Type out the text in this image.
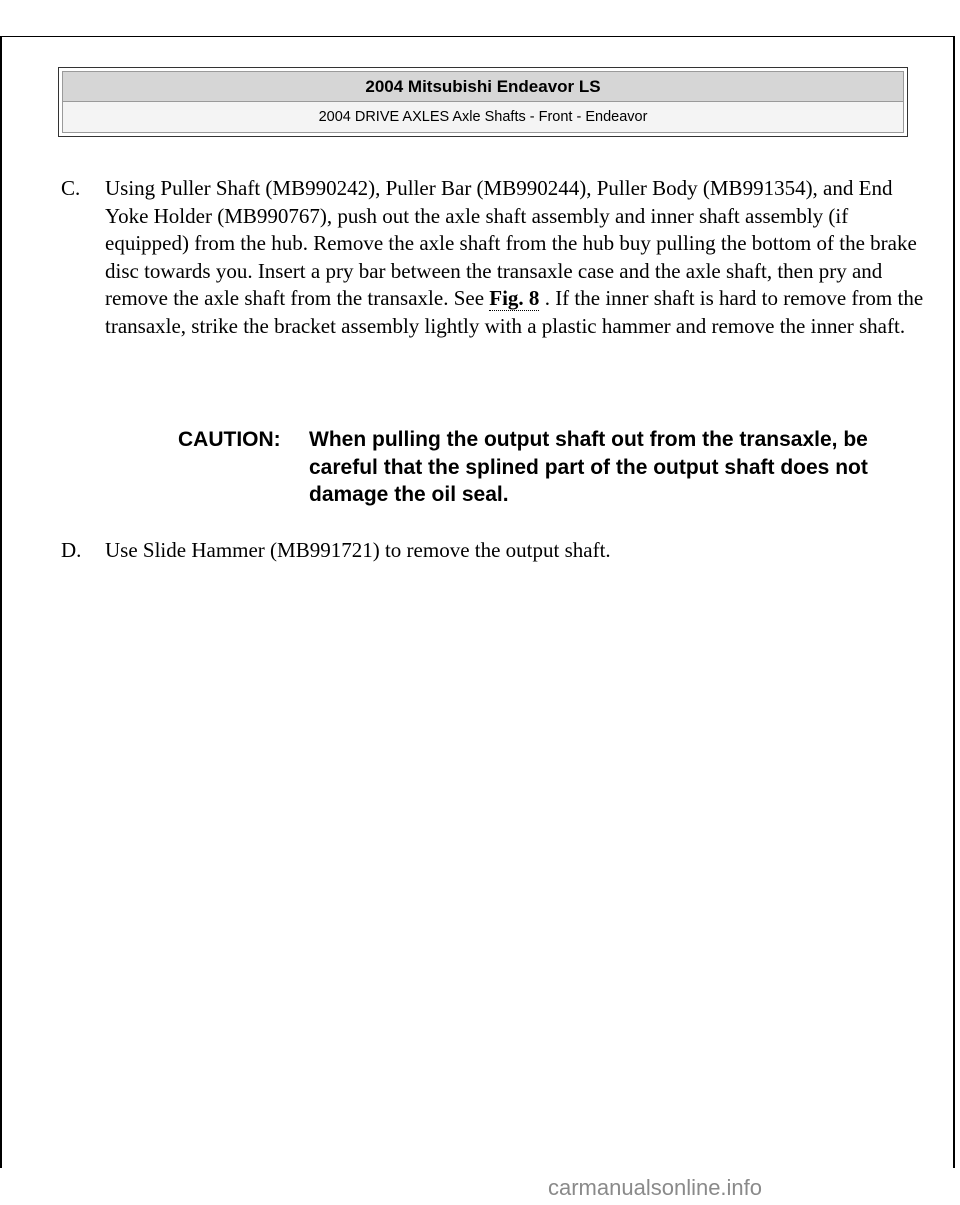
2004 Mitsubishi Endeavor LS
2004 DRIVE AXLES Axle Shafts - Front - Endeavor
C. Using Puller Shaft (MB990242), Puller Bar (MB990244), Puller Body (MB991354), and End Yoke Holder (MB990767), push out the axle shaft assembly and inner shaft assembly (if equipped) from the hub. Remove the axle shaft from the hub buy pulling the bottom of the brake disc towards you. Insert a pry bar between the transaxle case and the axle shaft, then pry and remove the axle shaft from the transaxle. See Fig. 8 . If the inner shaft is hard to remove from the transaxle, strike the bracket assembly lightly with a plastic hammer and remove the inner shaft.
CAUTION: When pulling the output shaft out from the transaxle, be careful that the splined part of the output shaft does not damage the oil seal.
D. Use Slide Hammer (MB991721) to remove the output shaft.
carmanualsonline.info
